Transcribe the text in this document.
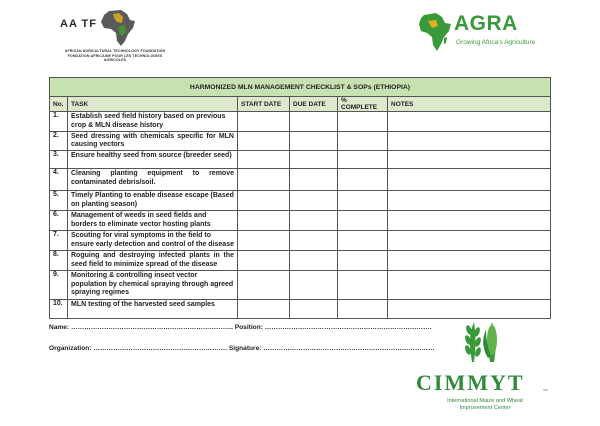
AA TF
AFRICAN AGRICULTURAL TECHNOLOGY FOUNDATION
FONDATION AFRICAINE POUR LES TECHNOLOGIES AGRICOLES
AGRA
Growing Africa's Agriculture
HARMONIZED MLN MANAGEMENT CHECKLIST & SOPs (ETHIOPIA)					
No.	TASK	START DATE	DUE DATE	% COMPLETE	NOTES
1.	Establish seed field history based on previous crop & MLN disease history				
2.	Seed dressing with chemicals specific for MLN causing vectors				
3.	Ensure healthy seed from source (breeder seed)				
4.	Cleaning planting equipment to remove contaminated debris/soil.				
5.	Timely Planting to enable disease escape (Based on planting season)				
6.	Management of weeds in seed fields and borders to eliminate vector hosting plants				
7.	Scouting for viral symptoms in the field to ensure early detection and control of the disease				
8.	Roguing and destroying infected plants in the seed field to minimize spread of the disease				
9.	Monitoring & controlling insect vector population by chemical spraying through agreed spraying regimes				
10.	MLN testing of the harvested seed samples				
Name: ……………………………………………………………….. Position: ………………………………………………………………….
Organization: ……………………………………………………. Signature: ……………………………………………………………………
CIMMYT	SM
International Maize and Wheat
Improvement Center
